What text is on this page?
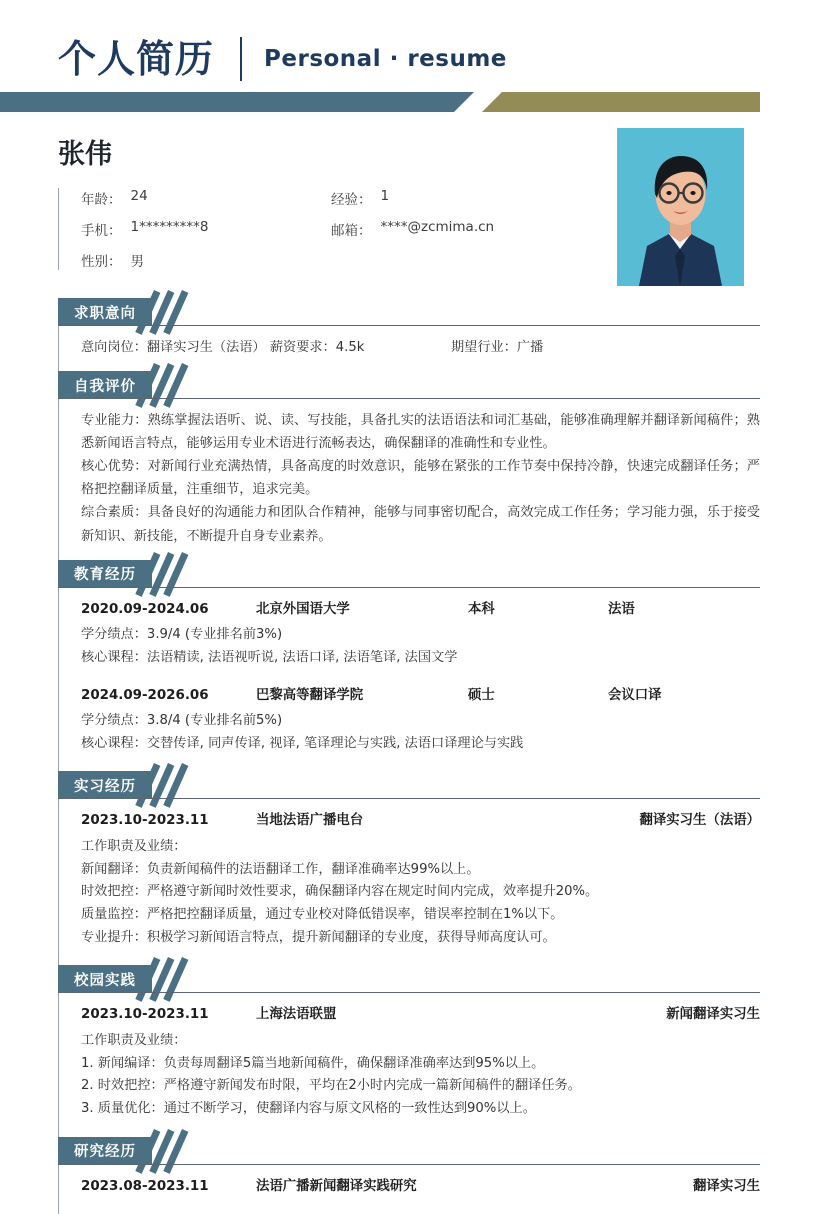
个人简历 Personal · resume
张伟
年龄： 24	经验： 1
手机： 1*********8	邮箱： ****@zcmima.cn
性别： 男
求职意向
意向岗位：翻译实习生（法语） 薪资要求：4.5k	期望行业：广播
自我评价

专业能力：熟练掌握法语听、说、读、写技能，具备扎实的法语语法和词汇基础，能够准确理解并翻译新闻稿件；熟悉新闻语言特点，能够运用专业术语进行流畅表达，确保翻译的准确性和专业性。

核心优势：对新闻行业充满热情，具备高度的时效意识，能够在紧张的工作节奏中保持冷静，快速完成翻译任务；严格把控翻译质量，注重细节，追求完美。

综合素质：具备良好的沟通能力和团队合作精神，能够与同事密切配合，高效完成工作任务；学习能力强，乐于接受新知识、新技能，不断提升自身专业素养。

教育经历
2020.09-2024.06	北京外国语大学	本科	法语
学分绩点：3.9/4 (专业排名前3%)
核心课程：法语精读, 法语视听说, 法语口译, 法语笔译, 法国文学
2024.09-2026.06	巴黎高等翻译学院	硕士	会议口译
学分绩点：3.8/4 (专业排名前5%)
核心课程：交替传译, 同声传译, 视译, 笔译理论与实践, 法语口译理论与实践
实习经历
2023.10-2023.11	当地法语广播电台	翻译实习生（法语）
工作职责及业绩：
新闻翻译：负责新闻稿件的法语翻译工作，翻译准确率达99%以上。
时效把控：严格遵守新闻时效性要求，确保翻译内容在规定时间内完成，效率提升20%。
质量监控：严格把控翻译质量，通过专业校对降低错误率，错误率控制在1%以下。
专业提升：积极学习新闻语言特点，提升新闻翻译的专业度，获得导师高度认可。
校园实践
2023.10-2023.11	上海法语联盟	新闻翻译实习生
工作职责及业绩：
1. 新闻编译：负责每周翻译5篇当地新闻稿件，确保翻译准确率达到95%以上。
2. 时效把控：严格遵守新闻发布时限，平均在2小时内完成一篇新闻稿件的翻译任务。
3. 质量优化：通过不断学习，使翻译内容与原文风格的一致性达到90%以上。
研究经历
2023.08-2023.11	法语广播新闻翻译实践研究	翻译实习生
